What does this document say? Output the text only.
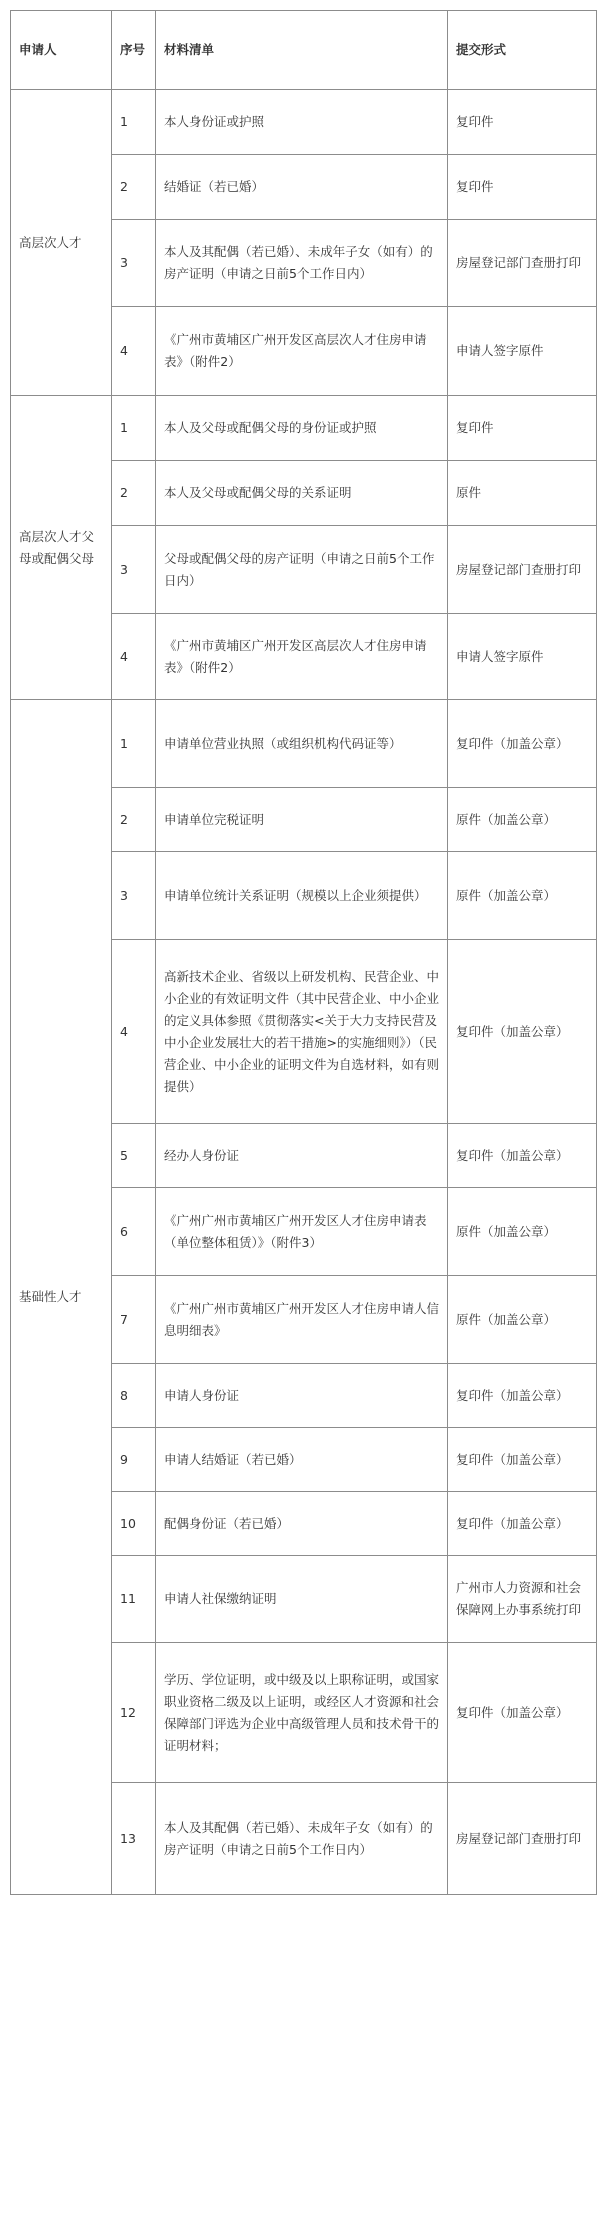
申请人	序号	材料清单	提交形式
高层次人才	1	本人身份证或护照	复印件
	2	结婚证（若已婚）	复印件
	3	本人及其配偶（若已婚）、未成年子女（如有）的房产证明（申请之日前5个工作日内）	房屋登记部门查册打印
	4	《广州市黄埔区广州开发区高层次人才住房申请表》（附件2）	申请人签字原件
高层次人才父母或配偶父母	1	本人及父母或配偶父母的身份证或护照	复印件
	2	本人及父母或配偶父母的关系证明	原件
	3	父母或配偶父母的房产证明（申请之日前5个工作日内）	房屋登记部门查册打印
	4	《广州市黄埔区广州开发区高层次人才住房申请表》（附件2）	申请人签字原件
基础性人才	1	申请单位营业执照（或组织机构代码证等）	复印件（加盖公章）
	2	申请单位完税证明	原件（加盖公章）
	3	申请单位统计关系证明（规模以上企业须提供）	原件（加盖公章）
	4	高新技术企业、省级以上研发机构、民营企业、中小企业的有效证明文件（其中民营企业、中小企业的定义具体参照《贯彻落实<关于大力支持民营及中小企业发展壮大的若干措施>的实施细则》）（民营企业、中小企业的证明文件为自选材料，如有则提供）	复印件（加盖公章）
	5	经办人身份证	复印件（加盖公章）
	6	《广州广州市黄埔区广州开发区人才住房申请表（单位整体租赁）》（附件3）	原件（加盖公章）
	7	《广州广州市黄埔区广州开发区人才住房申请人信息明细表》	原件（加盖公章）
	8	申请人身份证	复印件（加盖公章）
	9	申请人结婚证（若已婚）	复印件（加盖公章）
	10	配偶身份证（若已婚）	复印件（加盖公章）
	11	申请人社保缴纳证明	广州市人力资源和社会保障网上办事系统打印
	12	学历、学位证明，或中级及以上职称证明，或国家职业资格二级及以上证明，或经区人才资源和社会保障部门评选为企业中高级管理人员和技术骨干的证明材料；	复印件（加盖公章）
	13	本人及其配偶（若已婚）、未成年子女（如有）的房产证明（申请之日前5个工作日内）	房屋登记部门查册打印
